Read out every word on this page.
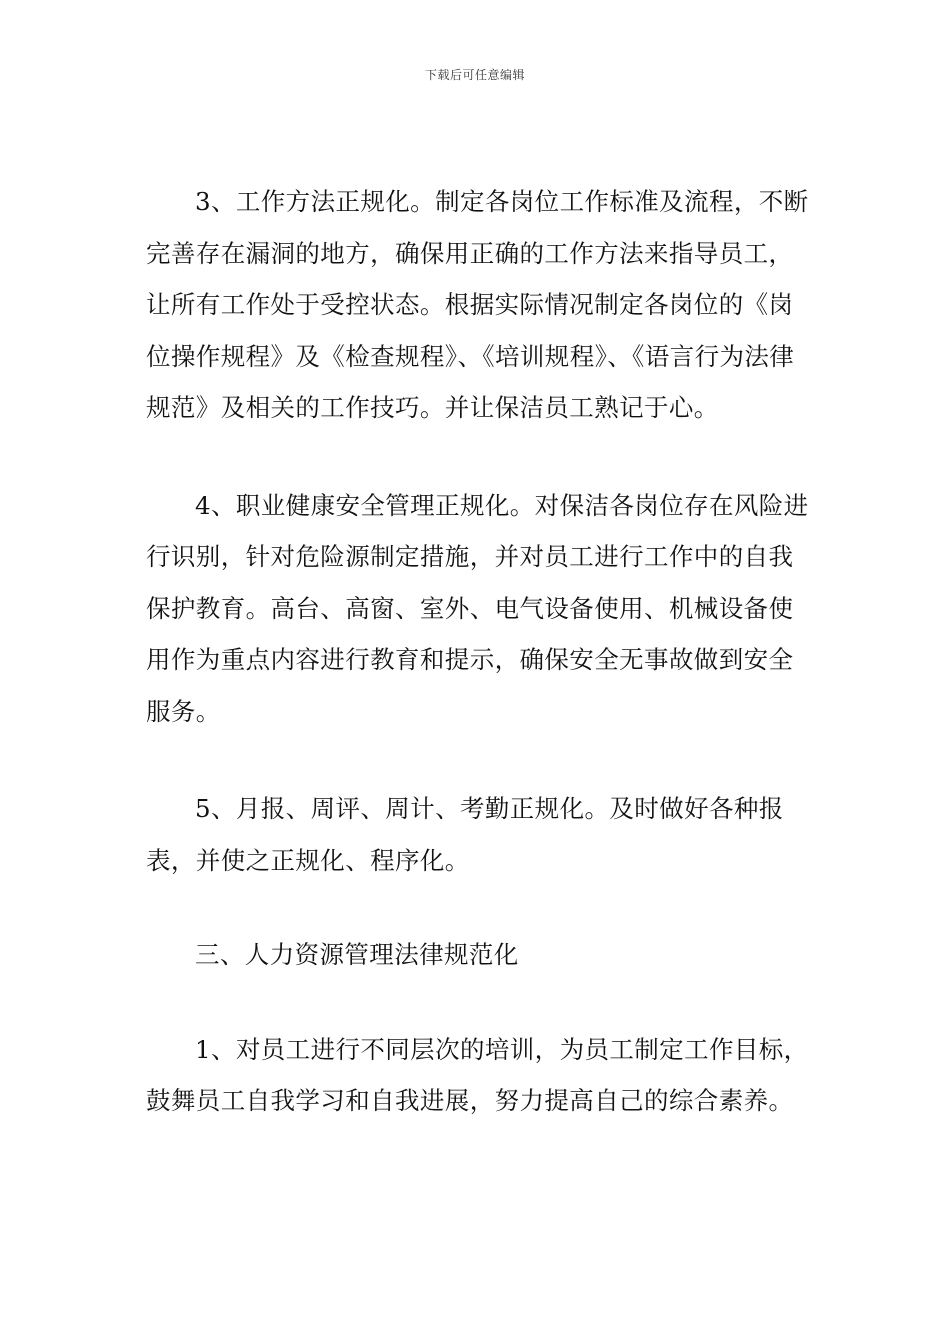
下载后可任意编辑

3、工作方法正规化。制定各岗位工作标准及流程，不断完善存在漏洞的地方，确保用正确的工作方法来指导员工，让所有工作处于受控状态。根据实际情况制定各岗位的《岗位操作规程》及《检查规程》、《培训规程》、《语言行为法律规范》及相关的工作技巧。并让保洁员工熟记于心。

4、职业健康安全管理正规化。对保洁各岗位存在风险进行识别，针对危险源制定措施，并对员工进行工作中的自我保护教育。高台、高窗、室外、电气设备使用、机械设备使用作为重点内容进行教育和提示，确保安全无事故做到安全服务。

5、月报、周评、周计、考勤正规化。及时做好各种报表，并使之正规化、程序化。

三、人力资源管理法律规范化

1、对员工进行不同层次的培训，为员工制定工作目标，鼓舞员工自我学习和自我进展，努力提高自己的综合素养。
